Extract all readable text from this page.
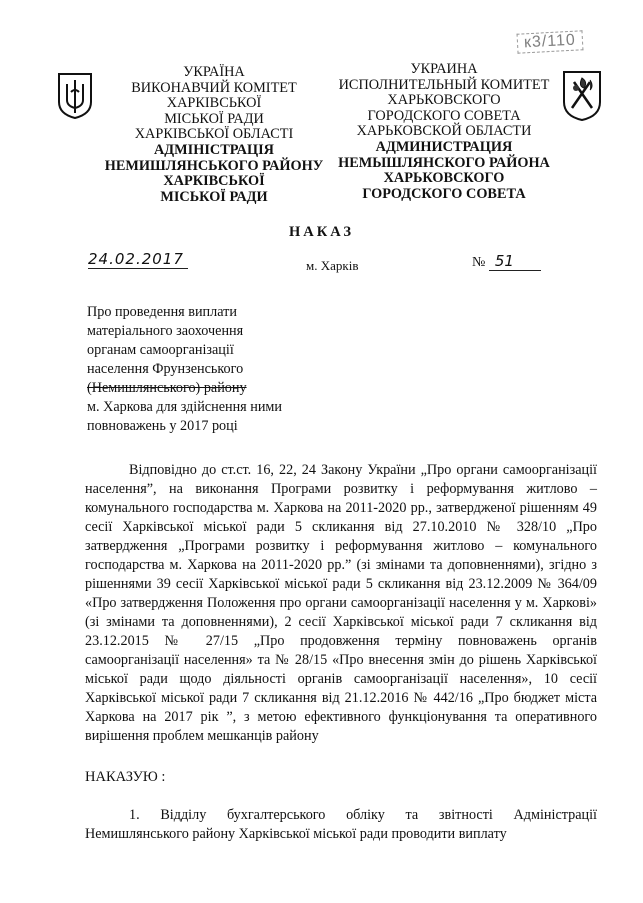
к3/110
УКРАЇНА
ВИКОНАВЧИЙ КОМІТЕТ
ХАРКІВСЬКОЇ
МІСЬКОЇ РАДИ
ХАРКІВСЬКОЇ ОБЛАСТІ
АДМІНІСТРАЦІЯ
НЕМИШЛЯНСЬКОГО РАЙОНУ
ХАРКІВСЬКОЇ
МІСЬКОЇ РАДИ
УКРАИНА
ИСПОЛНИТЕЛЬНЫЙ КОМИТЕТ
ХАРЬКОВСКОГО
ГОРОДСКОГО СОВЕТА
ХАРЬКОВСКОЙ ОБЛАСТИ
АДМИНИСТРАЦИЯ
НЕМЫШЛЯНСКОГО РАЙОНА
ХАРЬКОВСКОГО
ГОРОДСКОГО СОВЕТА
НАКАЗ
24.02.2017	м. Харків	№ 51
Про проведення виплати
матеріального заохочення
органам самоорганізації
населення Фрунзенського
(Немишлянського) району
м. Харкова для здійснення ними
повноважень у 2017 році

Відповідно до ст.ст. 16, 22, 24 Закону України „Про органи самоорганізації населення”, на виконання Програми розвитку і реформування житлово – комунального господарства м. Харкова на 2011-2020 рр., затвердженої рішенням 49 сесії Харківської міської ради 5 скликання від 27.10.2010 № 328/10 „Про затвердження „Програми розвитку і реформування житлово – комунального господарства м. Харкова на 2011-2020 рр.” (зі змінами та доповненнями), згідно з рішеннями 39 сесії Харківської міської ради 5 скликання від 23.12.2009 № 364/09 «Про затвердження Положення про органи самоорганізації населення у м. Харкові» (зі змінами та доповненнями), 2 сесії Харківської міської ради 7 скликання від 23.12.2015 № 27/15 „Про продовження терміну повноважень органів самоорганізації населення» та № 28/15 «Про внесення змін до рішень Харківської міської ради щодо діяльності органів самоорганізації населення», 10 сесії Харківської міської ради 7 скликання від 21.12.2016 № 442/16 „Про бюджет міста Харкова на 2017 рік ”, з метою ефективного функціонування та оперативного вирішення проблем мешканців району

НАКАЗУЮ :

1. Відділу бухгалтерського обліку та звітності Адміністрації Немишлянського району Харківської міської ради проводити виплату
